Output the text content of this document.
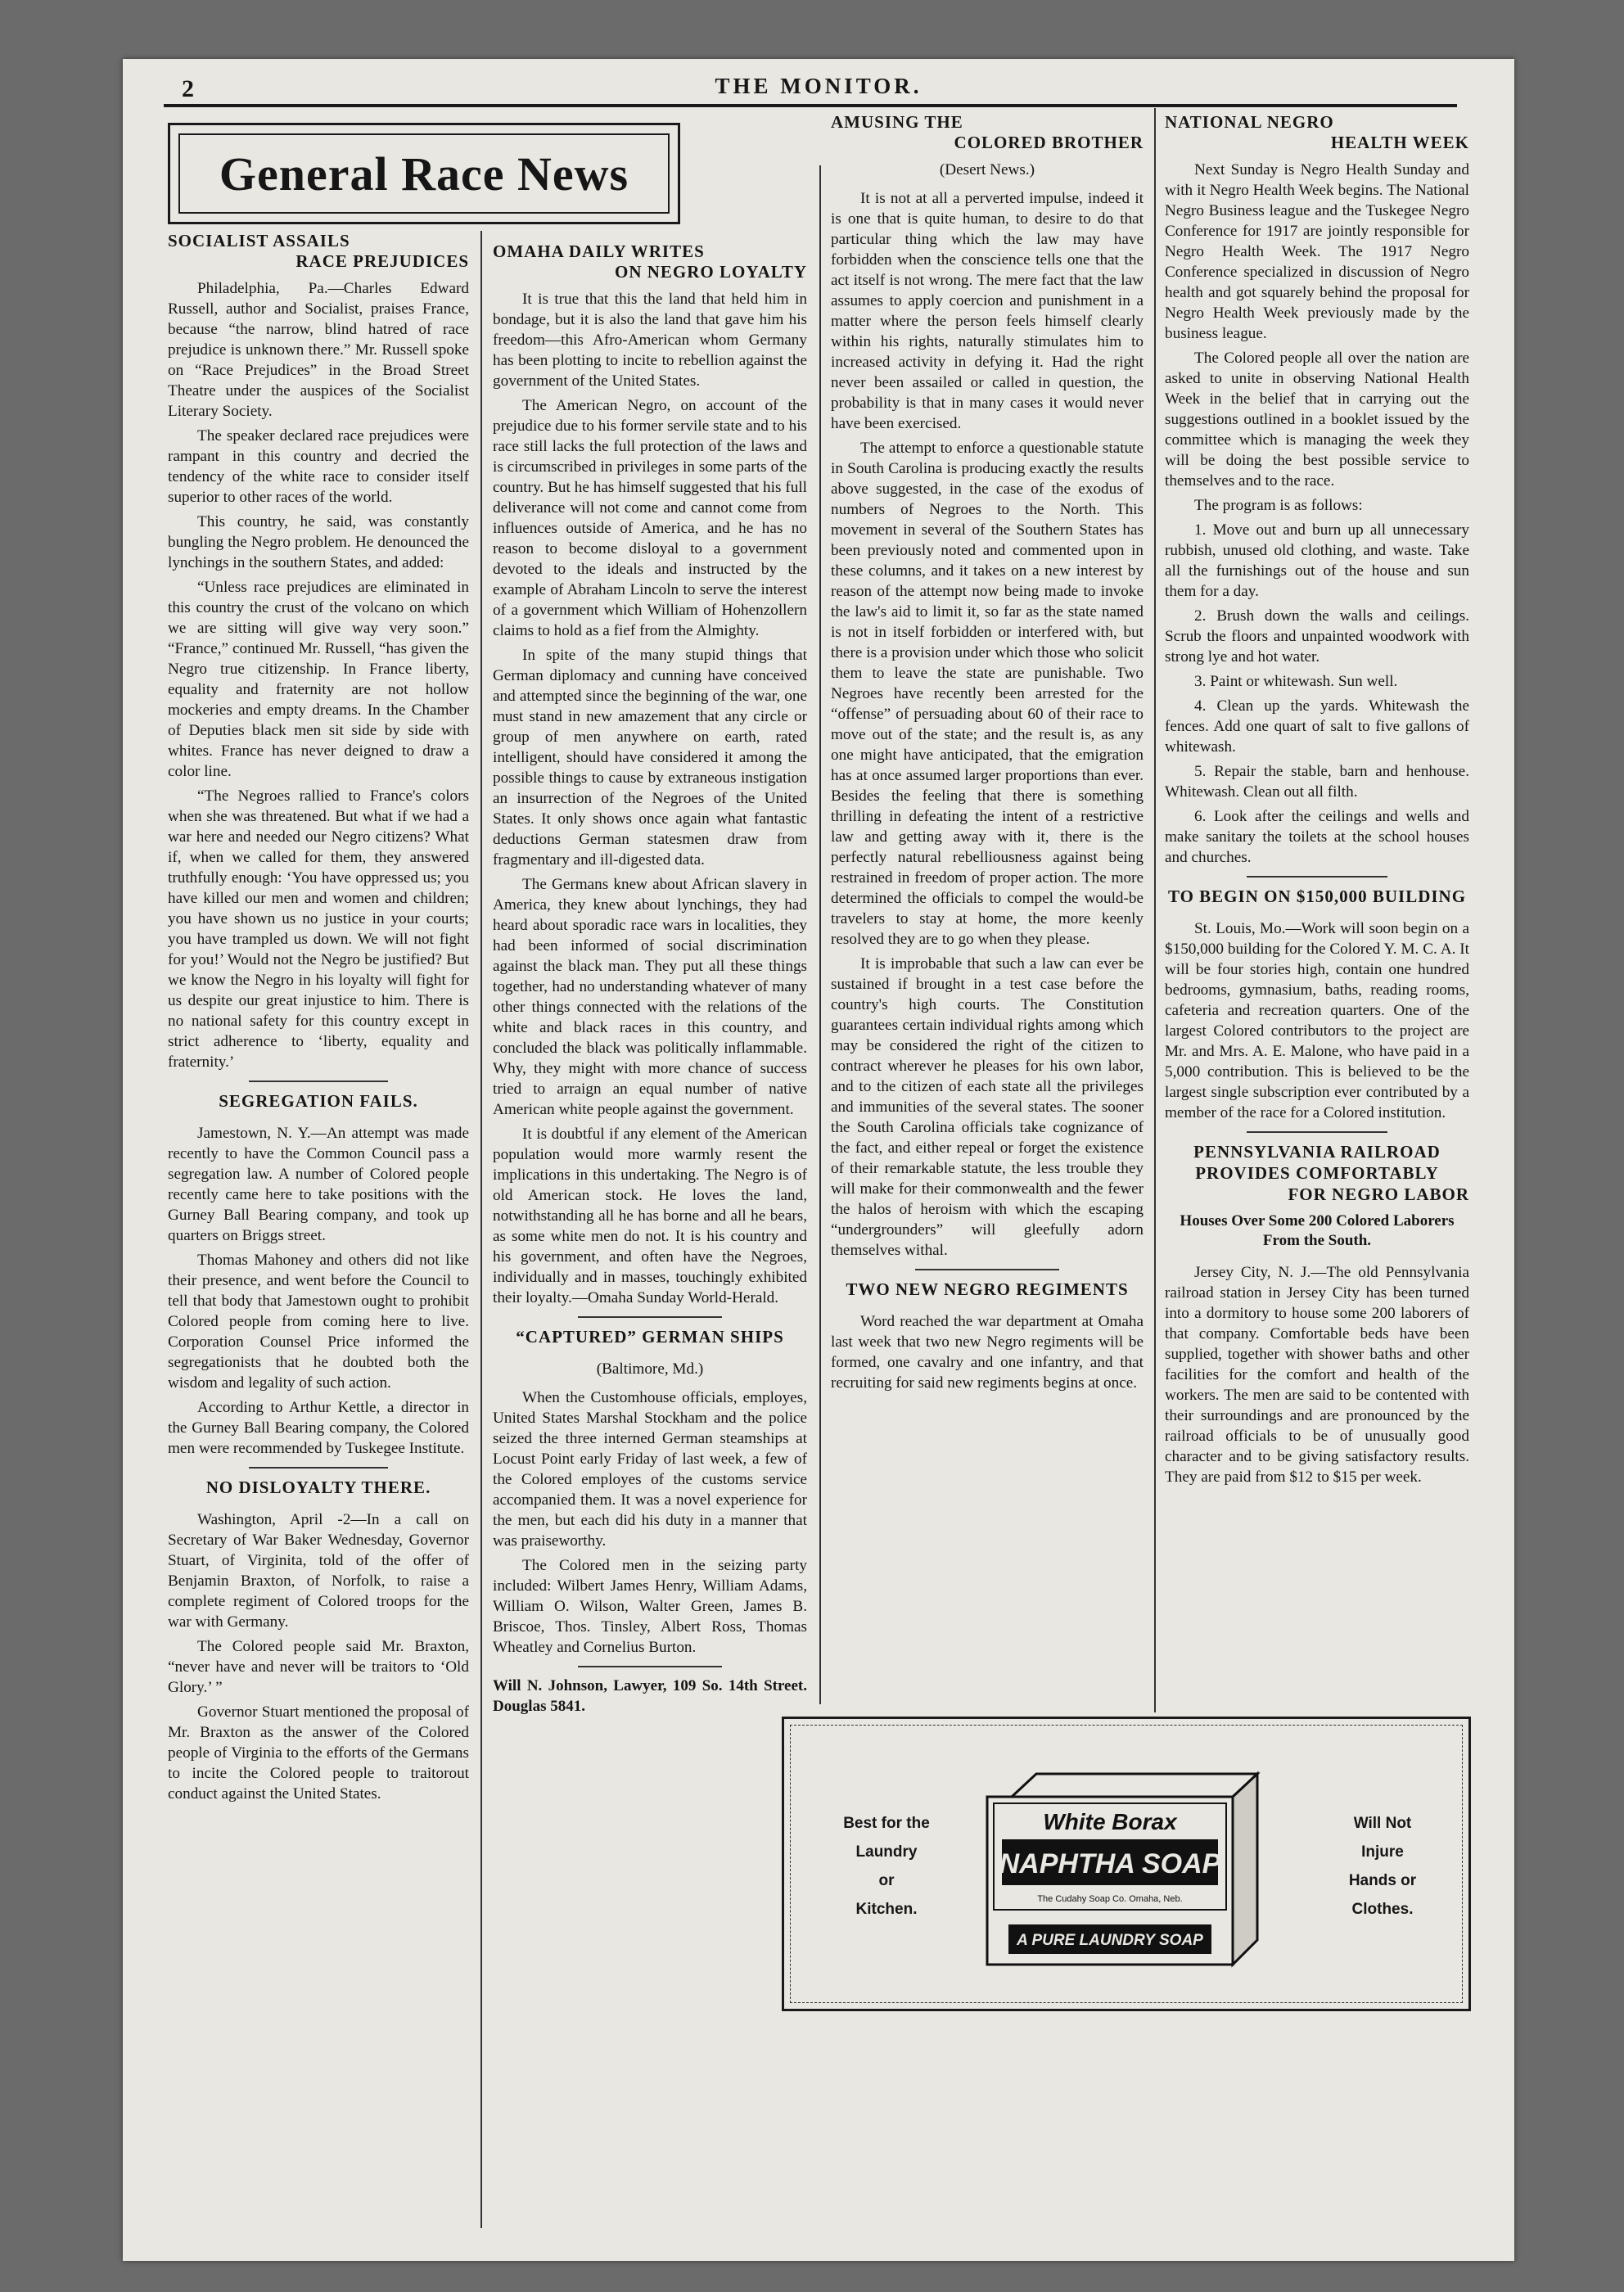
2	THE MONITOR.
General Race News
SOCIALIST ASSAILS
RACE PREJUDICES

Philadelphia, Pa.—Charles Edward Russell, author and Socialist, praises France, because “the narrow, blind hatred of race prejudice is unknown there.” Mr. Russell spoke on “Race Prejudices” in the Broad Street Theatre under the auspices of the Socialist Literary Society.

The speaker declared race prejudices were rampant in this country and decried the tendency of the white race to consider itself superior to other races of the world.

This country, he said, was constantly bungling the Negro problem. He denounced the lynchings in the southern States, and added:

“Unless race prejudices are eliminated in this country the crust of the volcano on which we are sitting will give way very soon.” “France,” continued Mr. Russell, “has given the Negro true citizenship. In France liberty, equality and fraternity are not hollow mockeries and empty dreams. In the Chamber of Deputies black men sit side by side with whites. France has never deigned to draw a color line.

“The Negroes rallied to France's colors when she was threatened. But what if we had a war here and needed our Negro citizens? What if, when we called for them, they answered truthfully enough: ‘You have oppressed us; you have killed our men and women and children; you have shown us no justice in your courts; you have trampled us down. We will not fight for you!’ Would not the Negro be justified? But we know the Negro in his loyalty will fight for us despite our great injustice to him. There is no national safety for this country except in strict adherence to ‘liberty, equality and fraternity.’

SEGREGATION FAILS.

Jamestown, N. Y.—An attempt was made recently to have the Common Council pass a segregation law. A number of Colored people recently came here to take positions with the Gurney Ball Bearing company, and took up quarters on Briggs street.

Thomas Mahoney and others did not like their presence, and went before the Council to tell that body that Jamestown ought to prohibit Colored people from coming here to live. Corporation Counsel Price informed the segregationists that he doubted both the wisdom and legality of such action.

According to Arthur Kettle, a director in the Gurney Ball Bearing company, the Colored men were recommended by Tuskegee Institute.

NO DISLOYALTY THERE.

Washington, April -2—In a call on Secretary of War Baker Wednesday, Governor Stuart, of Virginita, told of the offer of Benjamin Braxton, of Norfolk, to raise a complete regiment of Colored troops for the war with Germany.

The Colored people said Mr. Braxton, “never have and never will be traitors to ‘Old Glory.’ ”

Governor Stuart mentioned the proposal of Mr. Braxton as the answer of the Colored people of Virginia to the efforts of the Germans to incite the Colored people to traitorout conduct against the United States.

OMAHA DAILY WRITES
ON NEGRO LOYALTY

It is true that this the land that held him in bondage, but it is also the land that gave him his freedom—this Afro-American whom Germany has been plotting to incite to rebellion against the government of the United States.

The American Negro, on account of the prejudice due to his former servile state and to his race still lacks the full protection of the laws and is circumscribed in privileges in some parts of the country. But he has himself suggested that his full deliverance will not come and cannot come from influences outside of America, and he has no reason to become disloyal to a government devoted to the ideals and instructed by the example of Abraham Lincoln to serve the interest of a government which William of Hohenzollern claims to hold as a fief from the Almighty.

In spite of the many stupid things that German diplomacy and cunning have conceived and attempted since the beginning of the war, one must stand in new amazement that any circle or group of men anywhere on earth, rated intelligent, should have considered it among the possible things to cause by extraneous instigation an insurrection of the Negroes of the United States. It only shows once again what fantastic deductions German statesmen draw from fragmentary and ill-digested data.

The Germans knew about African slavery in America, they knew about lynchings, they had heard about sporadic race wars in localities, they had been informed of social discrimination against the black man. They put all these things together, had no understanding whatever of many other things connected with the relations of the white and black races in this country, and concluded the black was politically inflammable. Why, they might with more chance of success tried to arraign an equal number of native American white people against the government.

It is doubtful if any element of the American population would more warmly resent the implications in this undertaking. The Negro is of old American stock. He loves the land, notwithstanding all he has borne and all he bears, as some white men do not. It is his country and his government, and often have the Negroes, individually and in masses, touchingly exhibited their loyalty.—Omaha Sunday World-Herald.

“CAPTURED” GERMAN SHIPS
(Baltimore, Md.)

When the Customhouse officials, employes, United States Marshal Stockham and the police seized the three interned German steamships at Locust Point early Friday of last week, a few of the Colored employes of the customs service accompanied them. It was a novel experience for the men, but each did his duty in a manner that was praiseworthy.

The Colored men in the seizing party included: Wilbert James Henry, William Adams, William O. Wilson, Walter Green, James B. Briscoe, Thos. Tinsley, Albert Ross, Thomas Wheatley and Cornelius Burton.

Will N. Johnson, Lawyer, 109 So. 14th Street. Douglas 5841.
AMUSING THE
COLORED BROTHER
(Desert News.)

It is not at all a perverted impulse, indeed it is one that is quite human, to desire to do that particular thing which the law may have forbidden when the conscience tells one that the act itself is not wrong. The mere fact that the law assumes to apply coercion and punishment in a matter where the person feels himself clearly within his rights, naturally stimulates him to increased activity in defying it. Had the right never been assailed or called in question, the probability is that in many cases it would never have been exercised.

The attempt to enforce a questionable statute in South Carolina is producing exactly the results above suggested, in the case of the exodus of numbers of Negroes to the North. This movement in several of the Southern States has been previously noted and commented upon in these columns, and it takes on a new interest by reason of the attempt now being made to invoke the law's aid to limit it, so far as the state named is not in itself forbidden or interfered with, but there is a provision under which those who solicit them to leave the state are punishable. Two Negroes have recently been arrested for the “offense” of persuading about 60 of their race to move out of the state; and the result is, as any one might have anticipated, that the emigration has at once assumed larger proportions than ever. Besides the feeling that there is something thrilling in defeating the intent of a restrictive law and getting away with it, there is the perfectly natural rebelliousness against being restrained in freedom of proper action. The more determined the officials to compel the would-be travelers to stay at home, the more keenly resolved they are to go when they please.

It is improbable that such a law can ever be sustained if brought in a test case before the country's high courts. The Constitution guarantees certain individual rights among which may be considered the right of the citizen to contract wherever he pleases for his own labor, and to the citizen of each state all the privileges and immunities of the several states. The sooner the South Carolina officials take cognizance of the fact, and either repeal or forget the existence of their remarkable statute, the less trouble they will make for their commonwealth and the fewer the halos of heroism with which the escaping “undergrounders” will gleefully adorn themselves withal.

TWO NEW NEGRO REGIMENTS

Word reached the war department at Omaha last week that two new Negro regiments will be formed, one cavalry and one infantry, and that recruiting for said new regiments begins at once.

NATIONAL NEGRO
HEALTH WEEK

Next Sunday is Negro Health Sunday and with it Negro Health Week begins. The National Negro Business league and the Tuskegee Negro Conference for 1917 are jointly responsible for Negro Health Week. The 1917 Negro Conference specialized in discussion of Negro health and got squarely behind the proposal for Negro Health Week previously made by the business league.

The Colored people all over the nation are asked to unite in observing National Health Week in the belief that in carrying out the suggestions outlined in a booklet issued by the committee which is managing the week they will be doing the best possible service to themselves and to the race.

The program is as follows:

1. Move out and burn up all unnecessary rubbish, unused old clothing, and waste. Take all the furnishings out of the house and sun them for a day.

2. Brush down the walls and ceilings. Scrub the floors and unpainted woodwork with strong lye and hot water.

3. Paint or whitewash. Sun well.

4. Clean up the yards. Whitewash the fences. Add one quart of salt to five gallons of whitewash.

5. Repair the stable, barn and henhouse. Whitewash. Clean out all filth.

6. Look after the ceilings and wells and make sanitary the toilets at the school houses and churches.

TO BEGIN ON $150,000 BUILDING

St. Louis, Mo.—Work will soon begin on a $150,000 building for the Colored Y. M. C. A. It will be four stories high, contain one hundred bedrooms, gymnasium, baths, reading rooms, cafeteria and recreation quarters. One of the largest Colored contributors to the project are Mr. and Mrs. A. E. Malone, who have paid in a 5,000 contribution. This is believed to be the largest single subscription ever contributed by a member of the race for a Colored institution.

PENNSYLVANIA RAILROAD
PROVIDES COMFORTABLY
FOR NEGRO LABOR
Houses Over Some 200 Colored Laborers From the South.

Jersey City, N. J.—The old Pennsylvania railroad station in Jersey City has been turned into a dormitory to house some 200 laborers of that company. Comfortable beds have been supplied, together with shower baths and other facilities for the comfort and health of the workers. The men are said to be contented with their surroundings and are pronounced by the railroad officials to be of unusually good character and to be giving satisfactory results. They are paid from $12 to $15 per week.

Best for the
Laundry
or
Kitchen.
White Borax
NAPHTHA SOAP
The Cudahy Soap Co. Omaha, Neb.
A PURE LAUNDRY SOAP
Will Not
Injure
Hands or
Clothes.
